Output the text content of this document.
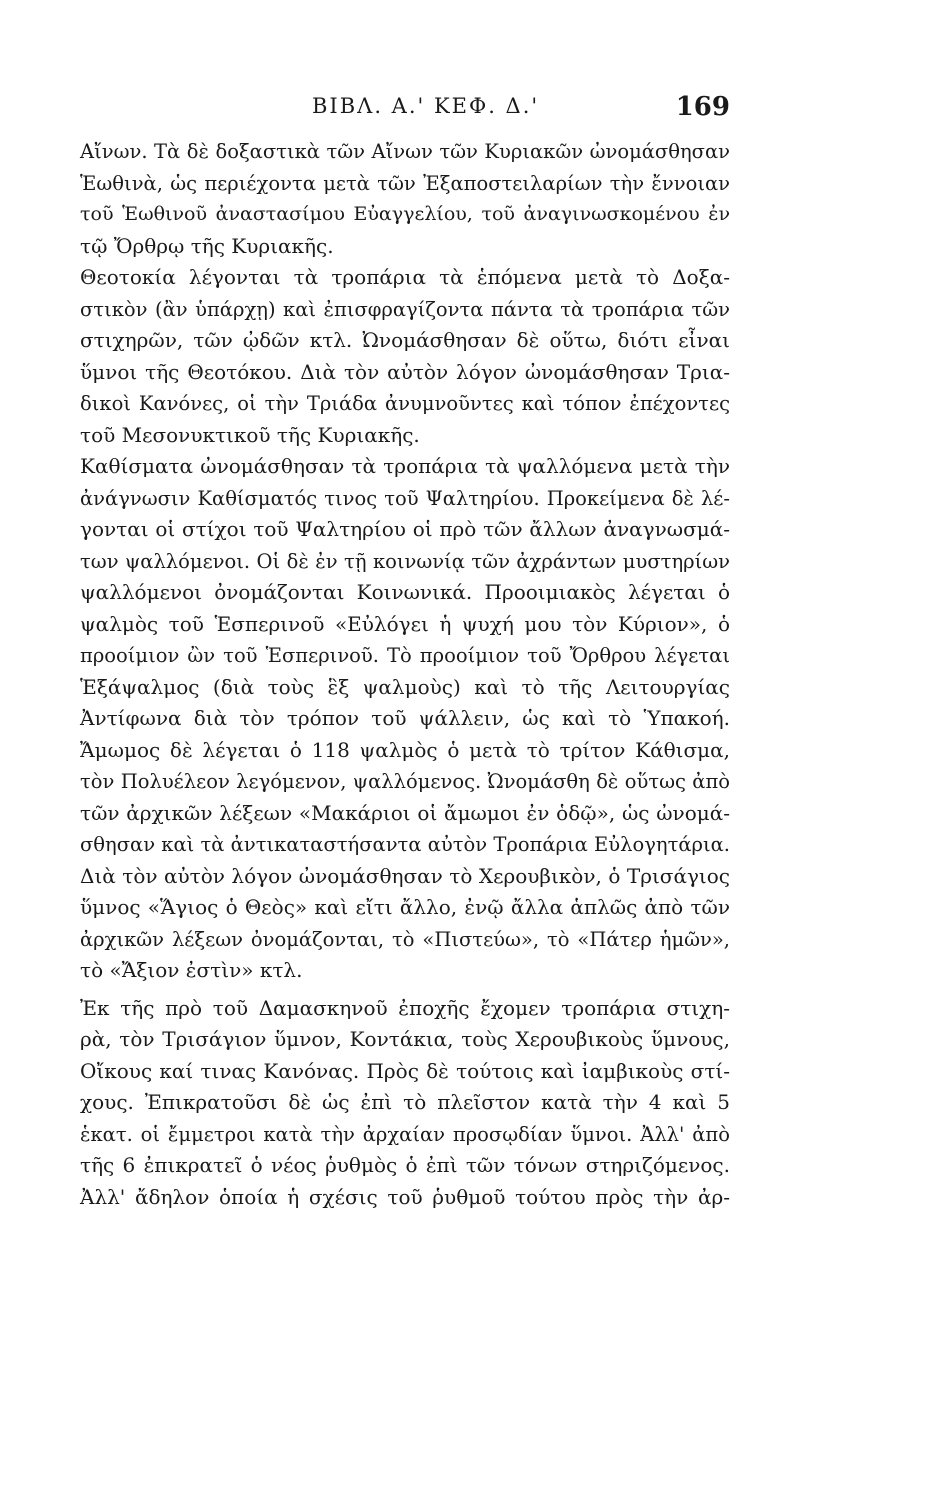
ΒΙΒΛ. Α.' ΚΕΦ. Δ.'	169
Αἴνων. Τὰ δὲ δοξαστικὰ τῶν Αἴνων τῶν Κυριακῶν ὠνομάσθησαν
Ἑωθινὰ, ὡς περιέχοντα μετὰ τῶν Ἐξαποστειλαρίων τὴν ἔννοιαν
τοῦ Ἑωθινοῦ ἀναστασίμου Εὐαγγελίου, τοῦ ἀναγινωσκομένου ἐν
τῷ Ὄρθρῳ τῆς Κυριακῆς.
Θεοτοκία λέγονται τὰ τροπάρια τὰ ἑπόμενα μετὰ τὸ Δοξα-
στικὸν (ἂν ὑπάρχῃ) καὶ ἐπισφραγίζοντα πάντα τὰ τροπάρια τῶν
στιχηρῶν, τῶν ᾠδῶν κτλ. Ὠνομάσθησαν δὲ οὕτω, διότι εἶναι
ὕμνοι τῆς Θεοτόκου. Διὰ τὸν αὐτὸν λόγον ὠνομάσθησαν Τρια-
δικοὶ Κανόνες, οἱ τὴν Τριάδα ἀνυμνοῦντες καὶ τόπον ἐπέχοντες
τοῦ Μεσονυκτικοῦ τῆς Κυριακῆς.
Καθίσματα ὠνομάσθησαν τὰ τροπάρια τὰ ψαλλόμενα μετὰ τὴν
ἀνάγνωσιν Καθίσματός τινος τοῦ Ψαλτηρίου. Προκείμενα δὲ λέ-
γονται οἱ στίχοι τοῦ Ψαλτηρίου οἱ πρὸ τῶν ἄλλων ἀναγνωσμά-
των ψαλλόμενοι. Οἱ δὲ ἐν τῇ κοινωνίᾳ τῶν ἀχράντων μυστηρίων
ψαλλόμενοι ὀνομάζονται Κοινωνικά. Προοιμιακὸς λέγεται ὁ
ψαλμὸς τοῦ Ἑσπερινοῦ «Εὐλόγει ἡ ψυχή μου τὸν Κύριον», ὁ
προοίμιον ὢν τοῦ Ἑσπερινοῦ. Τὸ προοίμιον τοῦ Ὄρθρου λέγεται
Ἑξάψαλμος (διὰ τοὺς ἓξ ψαλμοὺς) καὶ τὸ τῆς Λειτουργίας
Ἀντίφωνα διὰ τὸν τρόπον τοῦ ψάλλειν, ὡς καὶ τὸ Ὑπακοή.
Ἄμωμος δὲ λέγεται ὁ 118 ψαλμὸς ὁ μετὰ τὸ τρίτον Κάθισμα,
τὸν Πολυέλεον λεγόμενον, ψαλλόμενος. Ὠνομάσθη δὲ οὕτως ἀπὸ
τῶν ἀρχικῶν λέξεων «Μακάριοι οἱ ἄμωμοι ἐν ὁδῷ», ὡς ὠνομά-
σθησαν καὶ τὰ ἀντικαταστήσαντα αὐτὸν Τροπάρια Εὐλογητάρια.
Διὰ τὸν αὐτὸν λόγον ὠνομάσθησαν τὸ Χερουβικὸν, ὁ Τρισάγιος
ὕμνος «Ἅγιος ὁ Θεὸς» καὶ εἴτι ἄλλο, ἐνῷ ἄλλα ἁπλῶς ἀπὸ τῶν
ἀρχικῶν λέξεων ὀνομάζονται, τὸ «Πιστεύω», τὸ «Πάτερ ἡμῶν»,
τὸ «Ἄξιον ἐστὶν» κτλ.
Ἐκ τῆς πρὸ τοῦ Δαμασκηνοῦ ἐποχῆς ἔχομεν τροπάρια στιχη-
ρὰ, τὸν Τρισάγιον ὕμνον, Κοντάκια, τοὺς Χερουβικοὺς ὕμνους,
Οἴκους καί τινας Κανόνας. Πρὸς δὲ τούτοις καὶ ἰαμβικοὺς στί-
χους. Ἐπικρατοῦσι δὲ ὡς ἐπὶ τὸ πλεῖστον κατὰ τὴν 4 καὶ 5
ἑκατ. οἱ ἔμμετροι κατὰ τὴν ἀρχαίαν προσῳδίαν ὕμνοι. Ἀλλ' ἀπὸ
τῆς 6 ἐπικρατεῖ ὁ νέος ῥυθμὸς ὁ ἐπὶ τῶν τόνων στηριζόμενος.
Ἀλλ' ἄδηλον ὁποία ἡ σχέσις τοῦ ῥυθμοῦ τούτου πρὸς τὴν ἀρ-
